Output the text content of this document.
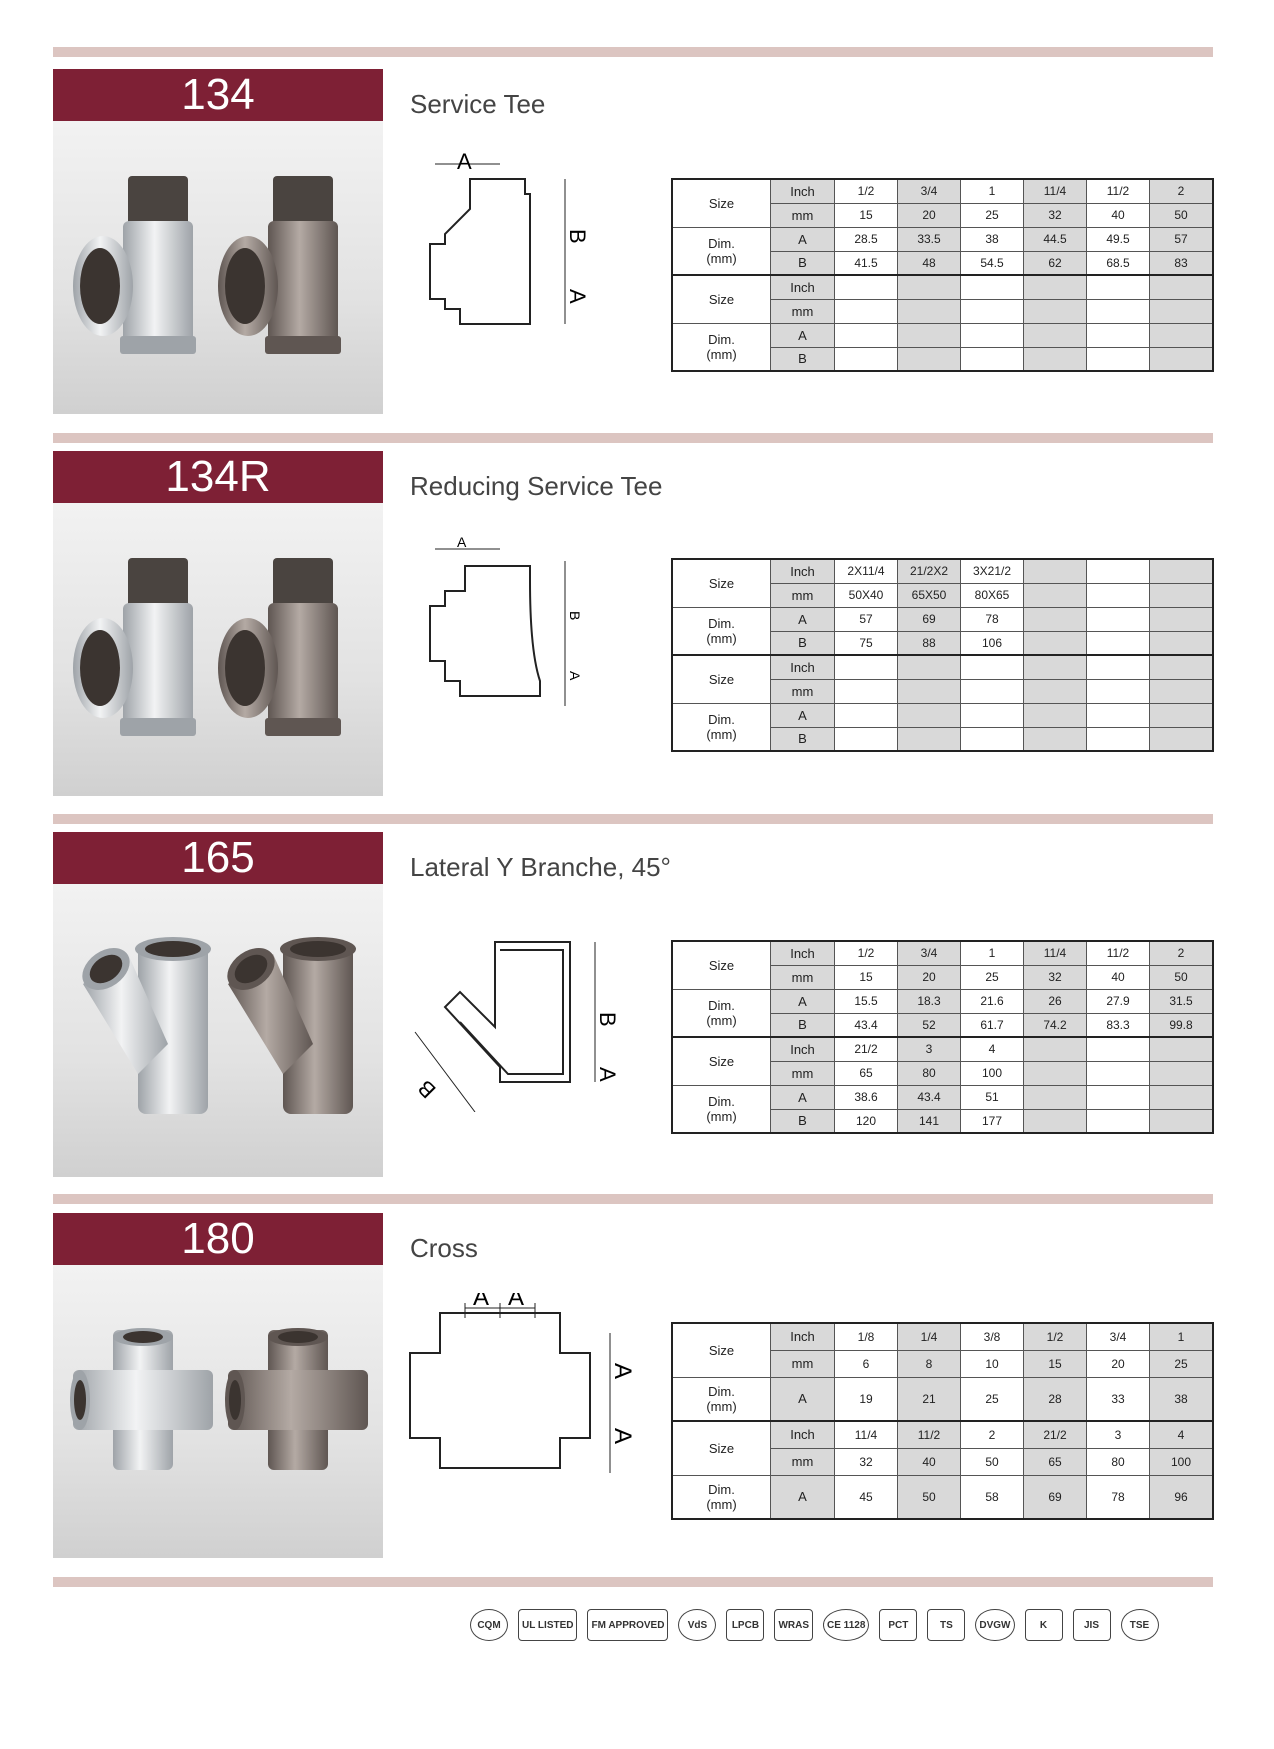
134	Service Tee
A
B
A
134R	Reducing Service Tee
A
B
A
165	Lateral Y Branche, 45°
B
A
B
180	Cross
A A
A
A
CQM	UL LISTED	FM APPROVED	VdS	LPCB	WRAS	CE 1128	PCT	TS	DVGW	K	JIS	TSE
Size	Inch	1/2	3/4	1	11/4	11/2	2
	mm	15	20	25	32	40	50
Dim.
(mm)	A	28.5	33.5	38	44.5	49.5	57
	B	41.5	48	54.5	62	68.5	83
Size	Inch						
	mm						
Dim.
(mm)	A						
	B						
Size	Inch	2X11/4	21/2X2	3X21/2			
	mm	50X40	65X50	80X65			
Dim.
(mm)	A	57	69	78			
	B	75	88	106			
Size	Inch						
	mm						
Dim.
(mm)	A						
	B						
Size	Inch	1/2	3/4	1	11/4	11/2	2
	mm	15	20	25	32	40	50
Dim.
(mm)	A	15.5	18.3	21.6	26	27.9	31.5
	B	43.4	52	61.7	74.2	83.3	99.8
Size	Inch	21/2	3	4			
	mm	65	80	100			
Dim.
(mm)	A	38.6	43.4	51			
	B	120	141	177			
Size	Inch	1/8	1/4	3/8	1/2	3/4	1
	mm	6	8	10	15	20	25
Dim.
(mm)	A	19	21	25	28	33	38
Size	Inch	11/4	11/2	2	21/2	3	4
	mm	32	40	50	65	80	100
Dim.
(mm)	A	45	50	58	69	78	96
